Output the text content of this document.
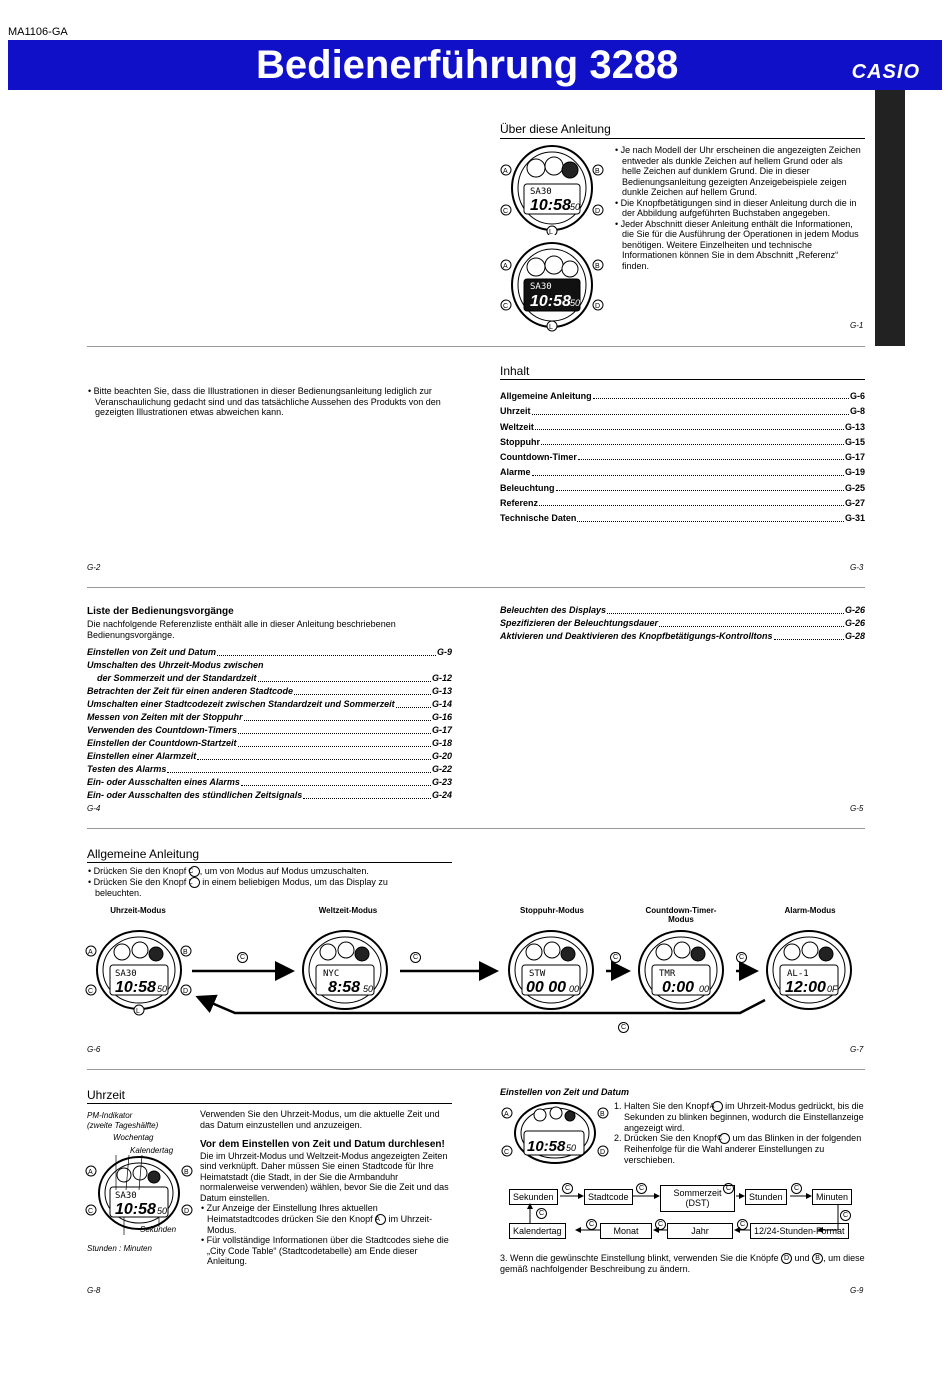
MA1106-GA
Bedienerführung 3288	CASIO
Über diese Anleitung
SA30
10:58 50
A	B
C	D
L
SA30
10:58 50
A	B
C	D
L
• Je nach Modell der Uhr erscheinen die angezeigten Zeichen entweder als dunkle Zeichen auf hellem Grund oder als helle Zeichen auf dunklem Grund. Die in dieser Bedienungsanleitung gezeigten Anzeigebeispiele zeigen dunkle Zeichen auf hellem Grund.
• Die Knopfbetätigungen sind in dieser Anleitung durch die in der Abbildung aufgeführten Buchstaben angegeben.
• Jeder Abschnitt dieser Anleitung enthält die Informationen, die Sie für die Ausführung der Operationen in jedem Modus benötigen. Weitere Einzelheiten und technische Informationen können Sie in dem Abschnitt „Referenz“ finden.
G-1
• Bitte beachten Sie, dass die Illustrationen in dieser Bedienungsanleitung lediglich zur Veranschaulichung gedacht sind und das tatsächliche Aussehen des Produkts von den gezeigten Illustrationen etwas abweichen kann.
G-2
Inhalt
Allgemeine Anleitung	G-6
Uhrzeit	G-8
Weltzeit	G-13
Stoppuhr	G-15
Countdown-Timer	G-17
Alarme	G-19
Beleuchtung	G-25
Referenz	G-27
Technische Daten	G-31
G-3
Liste der Bedienungsvorgänge
Die nachfolgende Referenzliste enthält alle in dieser Anleitung beschriebenen Bedienungsvorgänge.
Einstellen von Zeit und Datum	G-9
Umschalten des Uhrzeit-Modus zwischen
der Sommerzeit und der Standardzeit	G-12
Betrachten der Zeit für einen anderen Stadtcode	G-13
Umschalten einer Stadtcodezeit zwischen Standardzeit und Sommerzeit	G-14
Messen von Zeiten mit der Stoppuhr	G-16
Verwenden des Countdown-Timers	G-17
Einstellen der Countdown-Startzeit	G-18
Einstellen einer Alarmzeit	G-20
Testen des Alarms	G-22
Ein- oder Ausschalten eines Alarms	G-23
Ein- oder Ausschalten des stündlichen Zeitsignals	G-24
G-4
Beleuchten des Displays	G-26
Spezifizieren der Beleuchtungsdauer	G-26
Aktivieren und Deaktivieren des Knopfbetätigungs-Kontrolltons	G-28
G-5
Allgemeine Anleitung
• Drücken Sie den Knopf C , um von Modus auf Modus umzuschalten.
• Drücken Sie den Knopf L in einem beliebigen Modus, um das Display zu beleuchten.
Uhrzeit-Modus	Weltzeit-Modus	Stoppuhr-Modus	Countdown-Timer-Modus
Alarm-Modus
SA30
10:58 50
A	B
C	D
L
NYC
8:58 50
STW
00 00 00
TMR
0:00 00
AL-1
12:00 0F
C	C	C	C
C
G-6	G-7
Uhrzeit
PM-Indikator
(zweite Tageshälfte)
Wochentag
Kalendertag
SA30
10:58 50
A	B
C	D
Sekunden
Stunden : Minuten
Verwenden Sie den Uhrzeit-Modus, um die aktuelle Zeit und das Datum einzustellen und anzuzeigen.
Vor dem Einstellen von Zeit und Datum durchlesen!
Die im Uhrzeit-Modus und Weltzeit-Modus angezeigten Zeiten sind verknüpft. Daher müssen Sie einen Stadtcode für Ihre Heimatstadt (die Stadt, in der Sie die Armbanduhr normalerweise verwenden) wählen, bevor Sie die Zeit und das Datum einstellen.
• Zur Anzeige der Einstellung Ihres aktuellen Heimatstadtcodes drücken Sie den Knopf A im Uhrzeit-Modus.
• Für vollständige Informationen über die Stadtcodes siehe die „City Code Table“ (Stadtcodetabelle) am Ende dieser Anleitung.
G-8
Einstellen von Zeit und Datum
10:58 50
A	B
C	D
1. Halten Sie den Knopf A im Uhrzeit-Modus gedrückt, bis die Sekunden zu blinken beginnen, wodurch die Einstellanzeige angezeigt wird.
2. Drücken Sie den Knopf C um das Blinken in der folgenden Reihenfolge für die Wahl anderer Einstellungen zu verschieben.
Sekunden	Stadtcode	Sommerzeit (DST)
Stunden	Minuten
Kalendertag	Monat	Jahr	12/24-Stunden-Format
C	C	C	C
C
C
C
C
C
3. Wenn die gewünschte Einstellung blinkt, verwenden Sie die Knöpfe D und B , um diese gemäß nachfolgender Beschreibung zu ändern.
G-9
